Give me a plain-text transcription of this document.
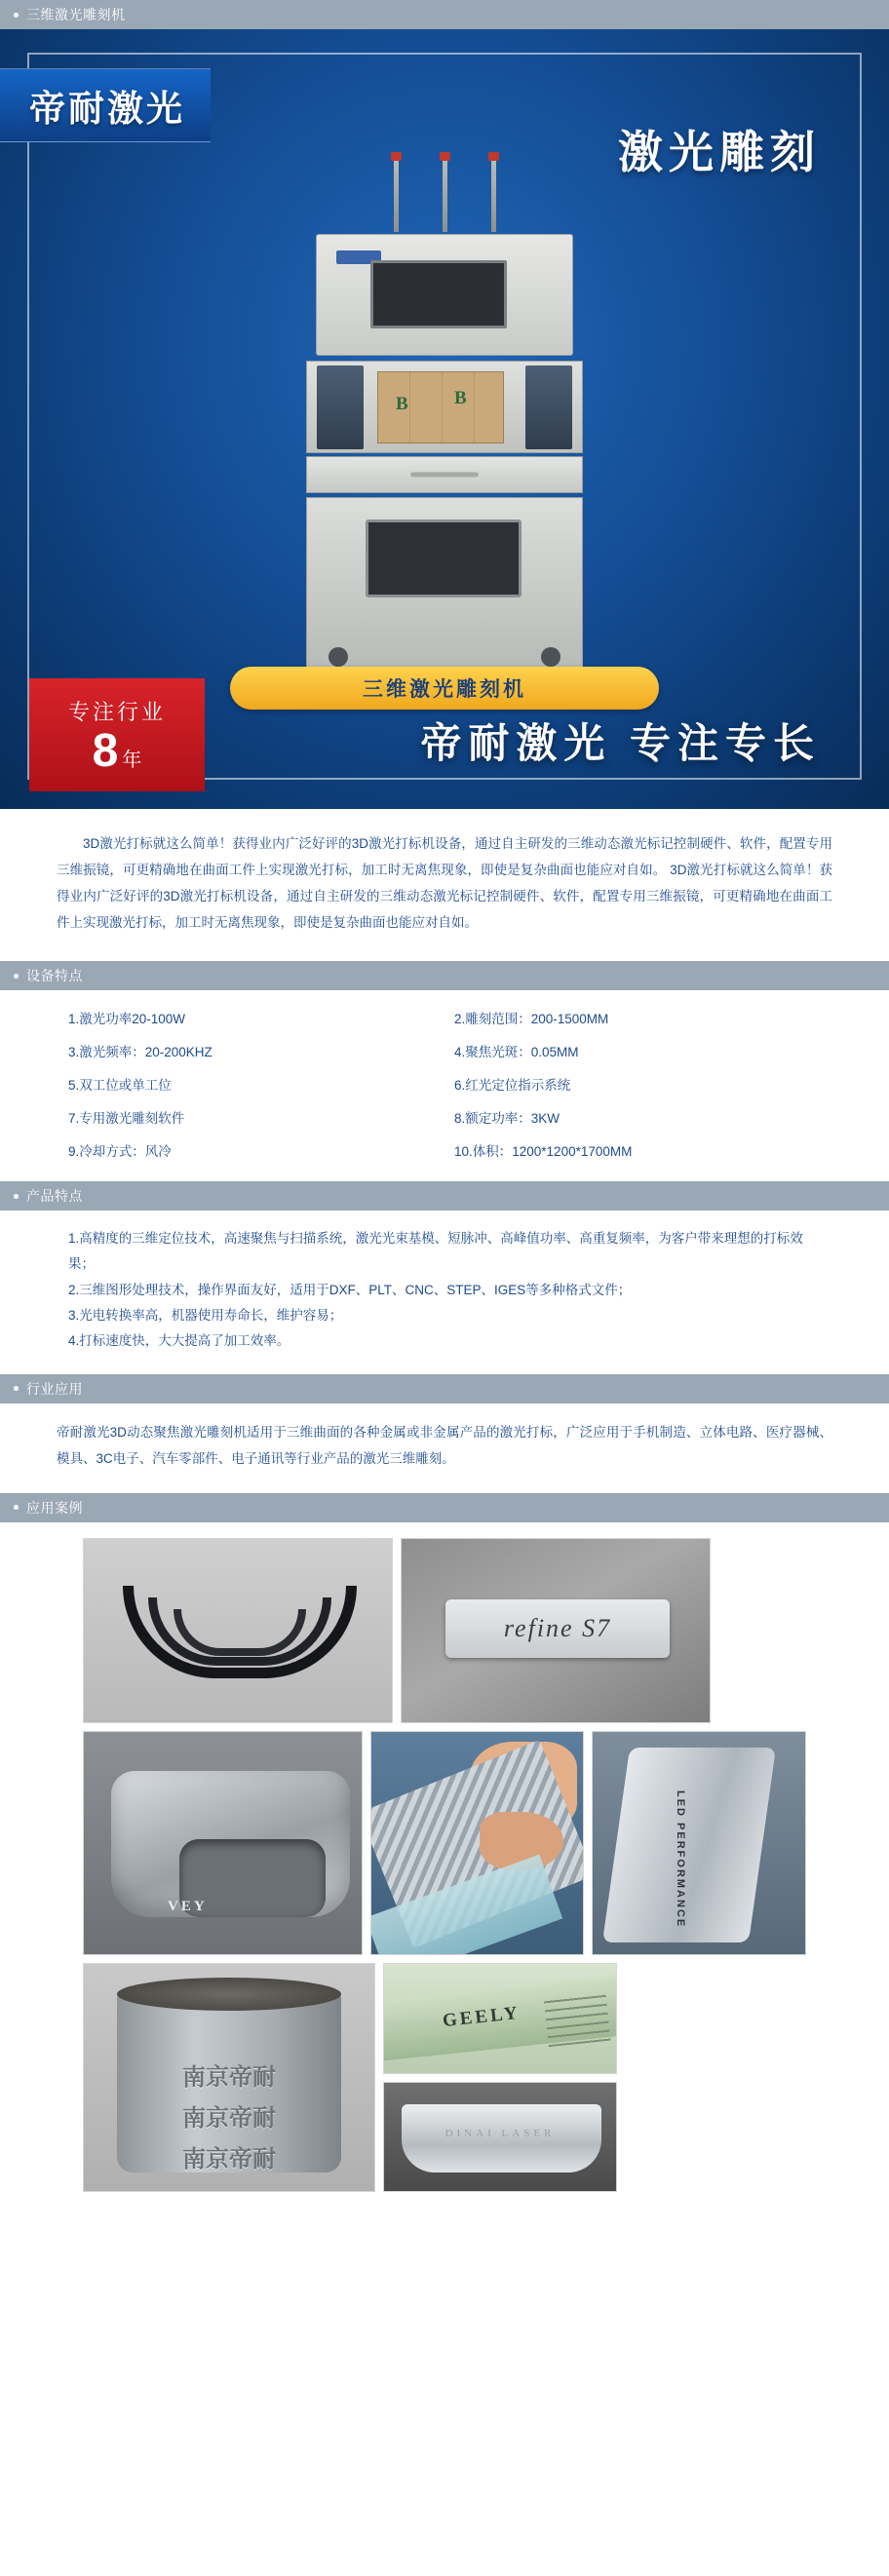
三维激光雕刻机
帝耐激光
激光雕刻
B B
三维激光雕刻机
专注行业
8 年	帝耐激光 专注专长
3D激光打标就这么简单！获得业内广泛好评的3D激光打标机设备，通过自主研发的三维动态激光标记控制硬件、软件，配置专用三维振镜，可更精确地在曲面工件上实现激光打标，加工时无离焦现象，即使是复杂曲面也能应对自如。 3D激光打标就这么简单！获得业内广泛好评的3D激光打标机设备，通过自主研发的三维动态激光标记控制硬件、软件，配置专用三维振镜，可更精确地在曲面工件上实现激光打标，加工时无离焦现象，即使是复杂曲面也能应对自如。
设备特点
1.激光功率20-100W	2.雕刻范围：200-1500MM
3.激光频率：20-200KHZ	4.聚焦光斑：0.05MM
5.双工位或单工位	6.红光定位指示系统
7.专用激光雕刻软件	8.额定功率：3KW
9.冷却方式：风冷	10.体积：1200*1200*1700MM
产品特点
1.高精度的三维定位技术，高速聚焦与扫描系统，激光光束基模、短脉冲、高峰值功率、高重复频率，为客户带来理想的打标效果；
2.三维图形处理技术，操作界面友好，适用于DXF、PLT、CNC、STEP、IGES等多种格式文件；
3.光电转换率高，机器使用寿命长，维护容易；
4.打标速度快，大大提高了加工效率。
行业应用
帝耐激光3D动态聚焦激光雕刻机适用于三维曲面的各种金属或非金属产品的激光打标，广泛应用于手机制造、立体电路、医疗器械、模具、3C电子、汽车零部件、电子通讯等行业产品的激光三维雕刻。
应用案例
refine S7
VEY	LED PERFORMANCE
南京帝耐
南京帝耐
南京帝耐
GEELY
DINAI LASER
